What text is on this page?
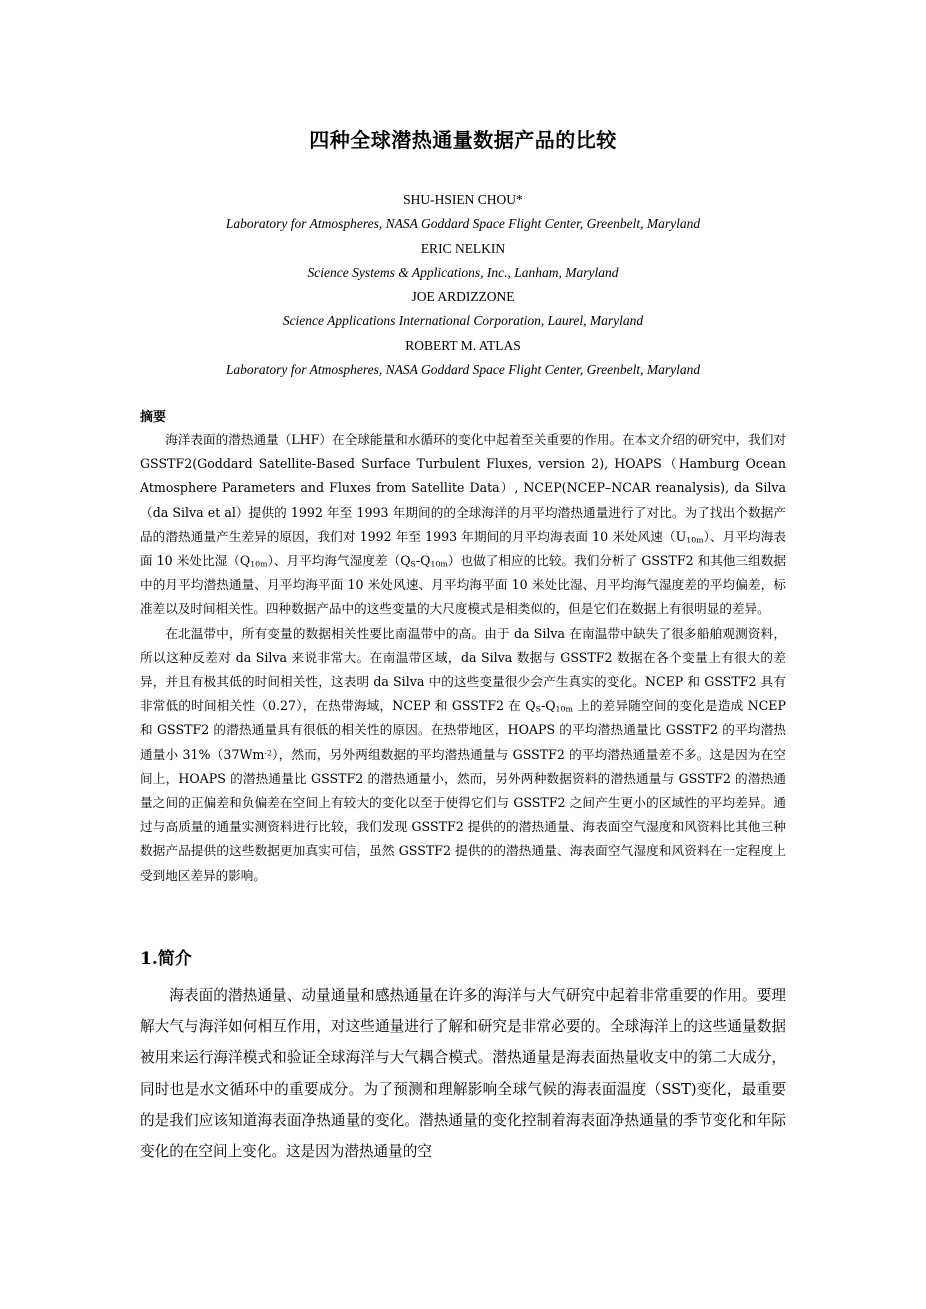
四种全球潜热通量数据产品的比较
SHU-HSIEN CHOU*
Laboratory for Atmospheres, NASA Goddard Space Flight Center, Greenbelt, Maryland
ERIC NELKIN
Science Systems & Applications, Inc., Lanham, Maryland
JOE ARDIZZONE
Science Applications International Corporation, Laurel, Maryland
ROBERT M. ATLAS
Laboratory for Atmospheres, NASA Goddard Space Flight Center, Greenbelt, Maryland
摘要

海洋表面的潜热通量（LHF）在全球能量和水循环的变化中起着至关重要的作用。在本文介绍的研究中，我们对 GSSTF2(Goddard Satellite-Based Surface Turbulent Fluxes, version 2), HOAPS（Hamburg Ocean Atmosphere Parameters and Fluxes from Satellite Data）, NCEP(NCEP–NCAR reanalysis), da Silva（da Silva et al）提供的 1992 年至 1993 年期间的的全球海洋的月平均潜热通量进行了对比。为了找出个数据产品的潜热通量产生差异的原因，我们对 1992 年至 1993 年期间的月平均海表面 10 米处风速$(U_{10m})$、月平均海表面 10 米处比湿$(Q_{10m})$、月平均海气湿度差$(Q_S-Q_{10m})$也做了相应的比较。我们分析了 GSSTF2 和其他三组数据中的月平均潜热通量、月平均海平面 10 米处风速、月平均海平面 10 米处比湿、月平均海气湿度差的平均偏差，标准差以及时间相关性。四种数据产品中的这些变量的大尺度模式是相类似的，但是它们在数据上有很明显的差异。

在北温带中，所有变量的数据相关性要比南温带中的高。由于 da Silva 在南温带中缺失了很多船舶观测资料，所以这种反差对 da Silva 来说非常大。在南温带区域，da Silva 数据与 GSSTF2 数据在各个变量上有很大的差异，并且有极其低的时间相关性，这表明 da Silva 中的这些变量很少会产生真实的变化。NCEP 和 GSSTF2 具有非常低的时间相关性（0.27），在热带海域，NCEP 和 GSSTF2 在 $Q_S-Q_{10m}$ 上的差异随空间的变化是造成 NCEP 和 GSSTF2 的潜热通量具有很低的相关性的原因。在热带地区，HOAPS 的平均潜热通量比 GSSTF2 的平均潜热通量小 $31\%(37Wm^{-2})$，然而，另外两组数据的平均潜热通量与 GSSTF2 的平均潜热通量差不多。这是因为在空间上，HOAPS 的潜热通量比 GSSTF2 的潜热通量小，然而，另外两种数据资料的潜热通量与 GSSTF2 的潜热通量之间的正偏差和负偏差在空间上有较大的变化以至于使得它们与 GSSTF2 之间产生更小的区域性的平均差异。通过与高质量的通量实测资料进行比较，我们发现 GSSTF2 提供的的潜热通量、海表面空气湿度和风资料比其他三种数据产品提供的这些数据更加真实可信，虽然 GSSTF2 提供的的潜热通量、海表面空气湿度和风资料在一定程度上受到地区差异的影响。

1.简介

海表面的潜热通量、动量通量和感热通量在许多的海洋与大气研究中起着非常重要的作用。要理解大气与海洋如何相互作用，对这些通量进行了解和研究是非常必要的。全球海洋上的这些通量数据被用来运行海洋模式和验证全球海洋与大气耦合模式。潜热通量是海表面热量收支中的第二大成分，同时也是水文循环中的重要成分。为了预测和理解影响全球气候的海表面温度（SST)变化，最重要的是我们应该知道海表面净热通量的变化。潜热通量的变化控制着海表面净热通量的季节变化和年际变化的在空间上变化。这是因为潜热通量的空
